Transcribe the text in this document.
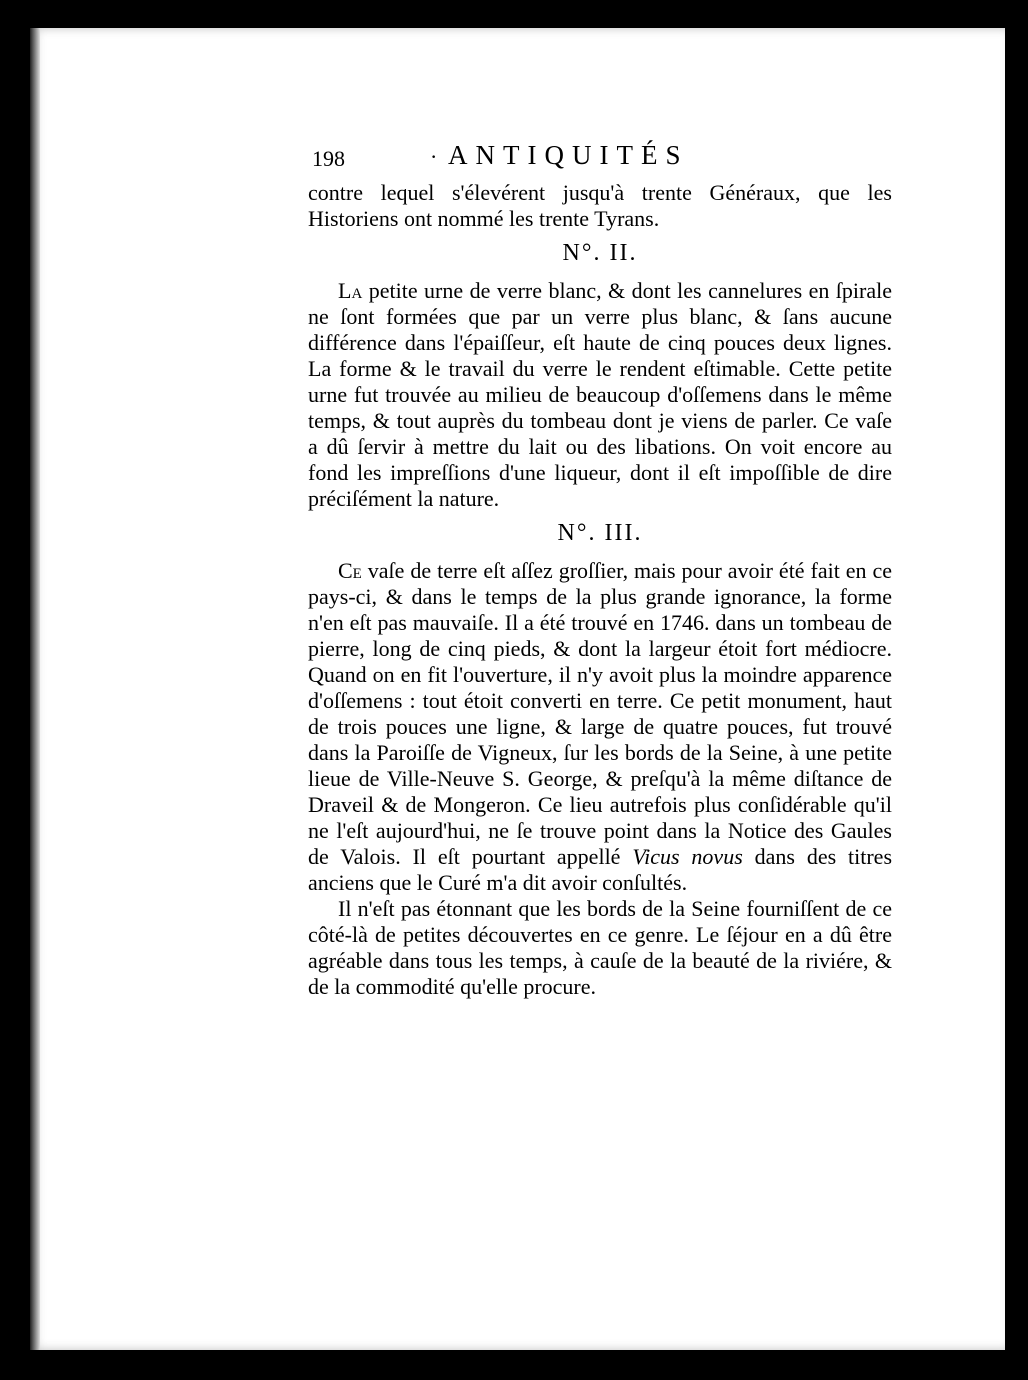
198	· ANTIQUITÉS

contre lequel s'élevérent jusqu'à trente Généraux, que les Historiens ont nommé les trente Tyrans.

N°. II.

La petite urne de verre blanc, & dont les cannelures en ſpirale ne ſont formées que par un verre plus blanc, & ſans aucune différence dans l'épaiſſeur, eſt haute de cinq pouces deux lignes. La forme & le travail du verre le rendent eſtimable. Cette petite urne fut trouvée au milieu de beaucoup d'oſſemens dans le même temps, & tout auprès du tombeau dont je viens de parler. Ce vaſe a dû ſervir à mettre du lait ou des libations. On voit encore au fond les impreſſions d'une liqueur, dont il eſt impoſſible de dire préciſément la nature.

N°. III.

Ce vaſe de terre eſt aſſez groſſier, mais pour avoir été fait en ce pays-ci, & dans le temps de la plus grande ignorance, la forme n'en eſt pas mauvaiſe. Il a été trouvé en 1746. dans un tombeau de pierre, long de cinq pieds, & dont la largeur étoit fort médiocre. Quand on en fit l'ouverture, il n'y avoit plus la moindre apparence d'oſſemens : tout étoit converti en terre. Ce petit monument, haut de trois pouces une ligne, & large de quatre pouces, fut trouvé dans la Paroiſſe de Vigneux, ſur les bords de la Seine, à une petite lieue de Ville-Neuve S. George, & preſqu'à la même diſtance de Draveil & de Mongeron. Ce lieu autrefois plus conſidérable qu'il ne l'eſt aujourd'hui, ne ſe trouve point dans la Notice des Gaules de Valois. Il eſt pourtant appellé Vicus novus dans des titres anciens que le Curé m'a dit avoir conſultés.

Il n'eſt pas étonnant que les bords de la Seine fourniſſent de ce côté-là de petites découvertes en ce genre. Le ſéjour en a dû être agréable dans tous les temps, à cauſe de la beauté de la riviére, & de la commodité qu'elle procure.
